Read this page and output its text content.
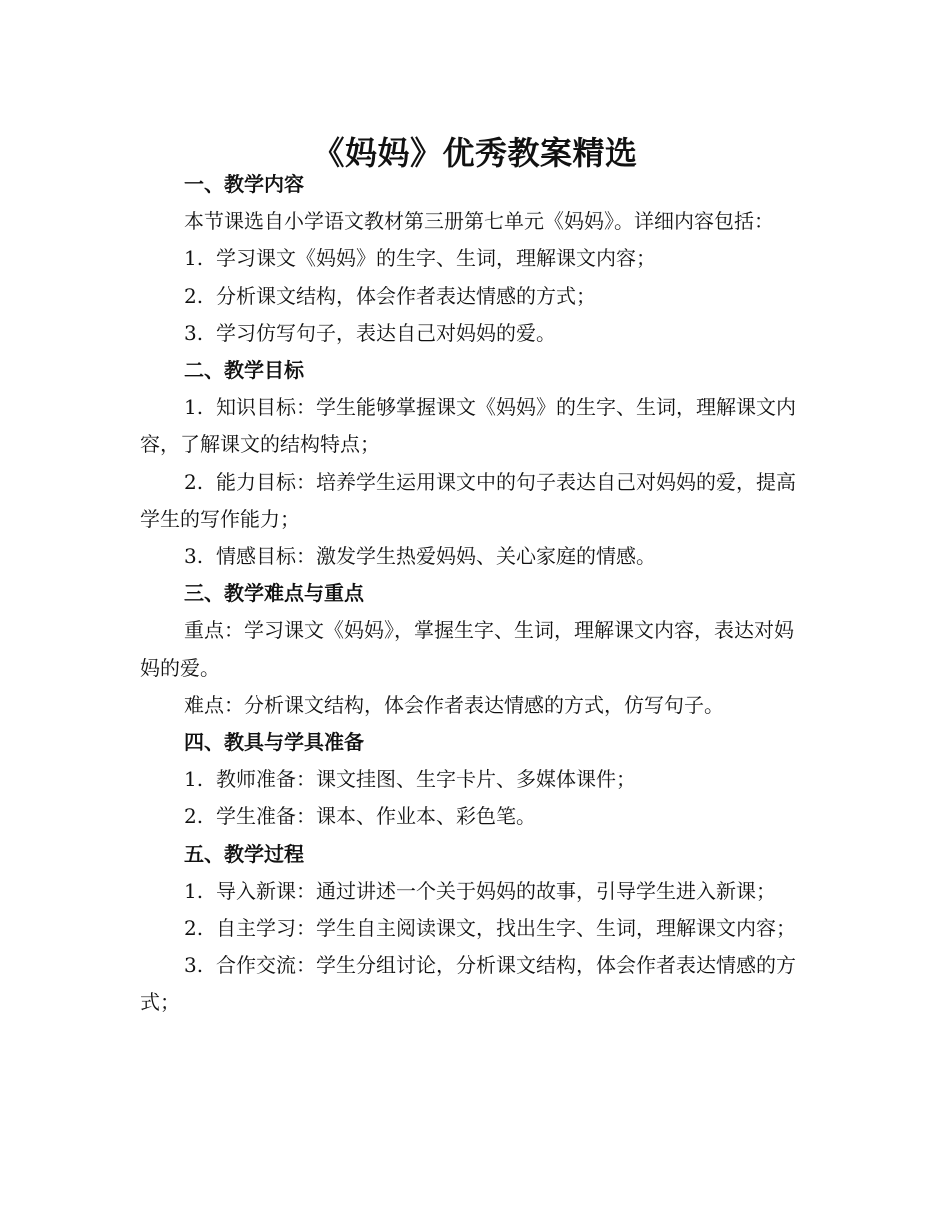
《妈妈》优秀教案精选
一、教学内容

本节课选自小学语文教材第三册第七单元《妈妈》。详细内容包括：

1. 学习课文《妈妈》的生字、生词，理解课文内容；

2. 分析课文结构，体会作者表达情感的方式；

3. 学习仿写句子，表达自己对妈妈的爱。

二、教学目标

1. 知识目标：学生能够掌握课文《妈妈》的生字、生词，理解课文内容，了解课文的结构特点；

2. 能力目标：培养学生运用课文中的句子表达自己对妈妈的爱，提高学生的写作能力；

3. 情感目标：激发学生热爱妈妈、关心家庭的情感。

三、教学难点与重点

重点：学习课文《妈妈》，掌握生字、生词，理解课文内容，表达对妈妈的爱。

难点：分析课文结构，体会作者表达情感的方式，仿写句子。

四、教具与学具准备

1. 教师准备：课文挂图、生字卡片、多媒体课件；

2. 学生准备：课本、作业本、彩色笔。

五、教学过程

1. 导入新课：通过讲述一个关于妈妈的故事，引导学生进入新课；

2. 自主学习：学生自主阅读课文，找出生字、生词，理解课文内容；

3. 合作交流：学生分组讨论，分析课文结构，体会作者表达情感的方式；
